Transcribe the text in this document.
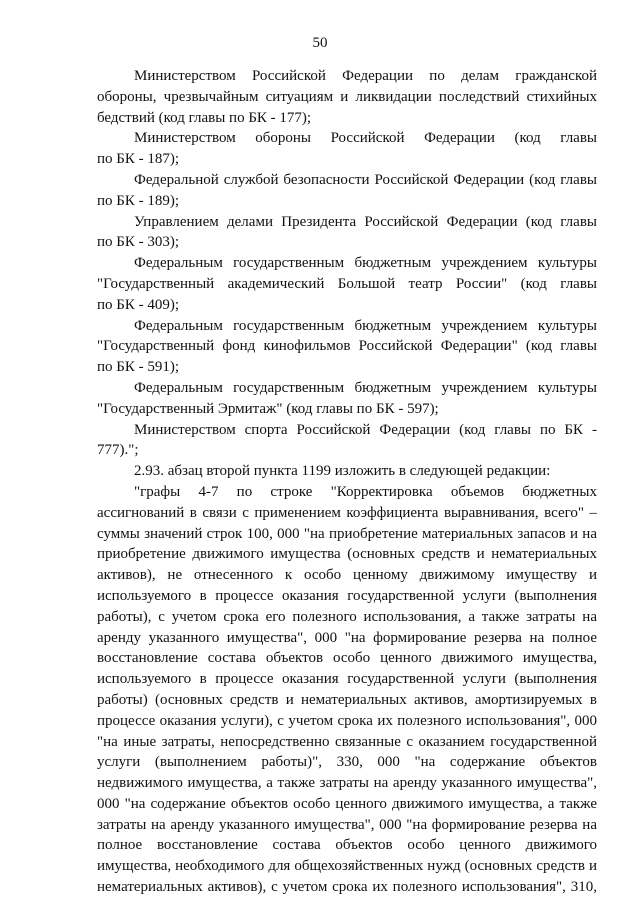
50
Министерством Российской Федерации по делам гражданской
обороны, чрезвычайным ситуациям и ликвидации последствий стихийных
бедствий (код главы по БК - 177);
Министерством обороны Российской Федерации (код главы
по БК - 187);
Федеральной службой безопасности Российской Федерации (код главы
по БК - 189);
Управлением делами Президента Российской Федерации (код главы
по БК - 303);
Федеральным государственным бюджетным учреждением культуры
"Государственный академический Большой театр России" (код главы
по БК - 409);
Федеральным государственным бюджетным учреждением культуры
"Государственный фонд кинофильмов Российской Федерации" (код главы
по БК - 591);
Федеральным государственным бюджетным учреждением культуры
"Государственный Эрмитаж" (код главы по БК - 597);
Министерством спорта Российской Федерации (код главы по БК -
777).";
2.93. абзац второй пункта 1199 изложить в следующей редакции:
"графы 4-7 по строке "Корректировка объемов бюджетных
ассигнований в связи с применением коэффициента выравнивания, всего" –
суммы значений строк 100, 000 "на приобретение материальных запасов и на
приобретение движимого имущества (основных средств и нематериальных
активов), не отнесенного к особо ценному движимому имуществу и
используемого в процессе оказания государственной услуги (выполнения
работы), с учетом срока его полезного использования, а также затраты на
аренду указанного имущества", 000 "на формирование резерва на полное
восстановление состава объектов особо ценного движимого имущества,
используемого в процессе оказания государственной услуги (выполнения
работы) (основных средств и нематериальных активов, амортизируемых в
процессе оказания услуги), с учетом срока их полезного использования", 000
"на иные затраты, непосредственно связанные с оказанием государственной
услуги (выполнением работы)", 330, 000 "на содержание объектов
недвижимого имущества, а также затраты на аренду указанного имущества",
000 "на содержание объектов особо ценного движимого имущества, а также
затраты на аренду указанного имущества", 000 "на формирование резерва на
полное восстановление состава объектов особо ценного движимого
имущества, необходимого для общехозяйственных нужд (основных средств и
нематериальных активов), с учетом срока их полезного использования", 310,
